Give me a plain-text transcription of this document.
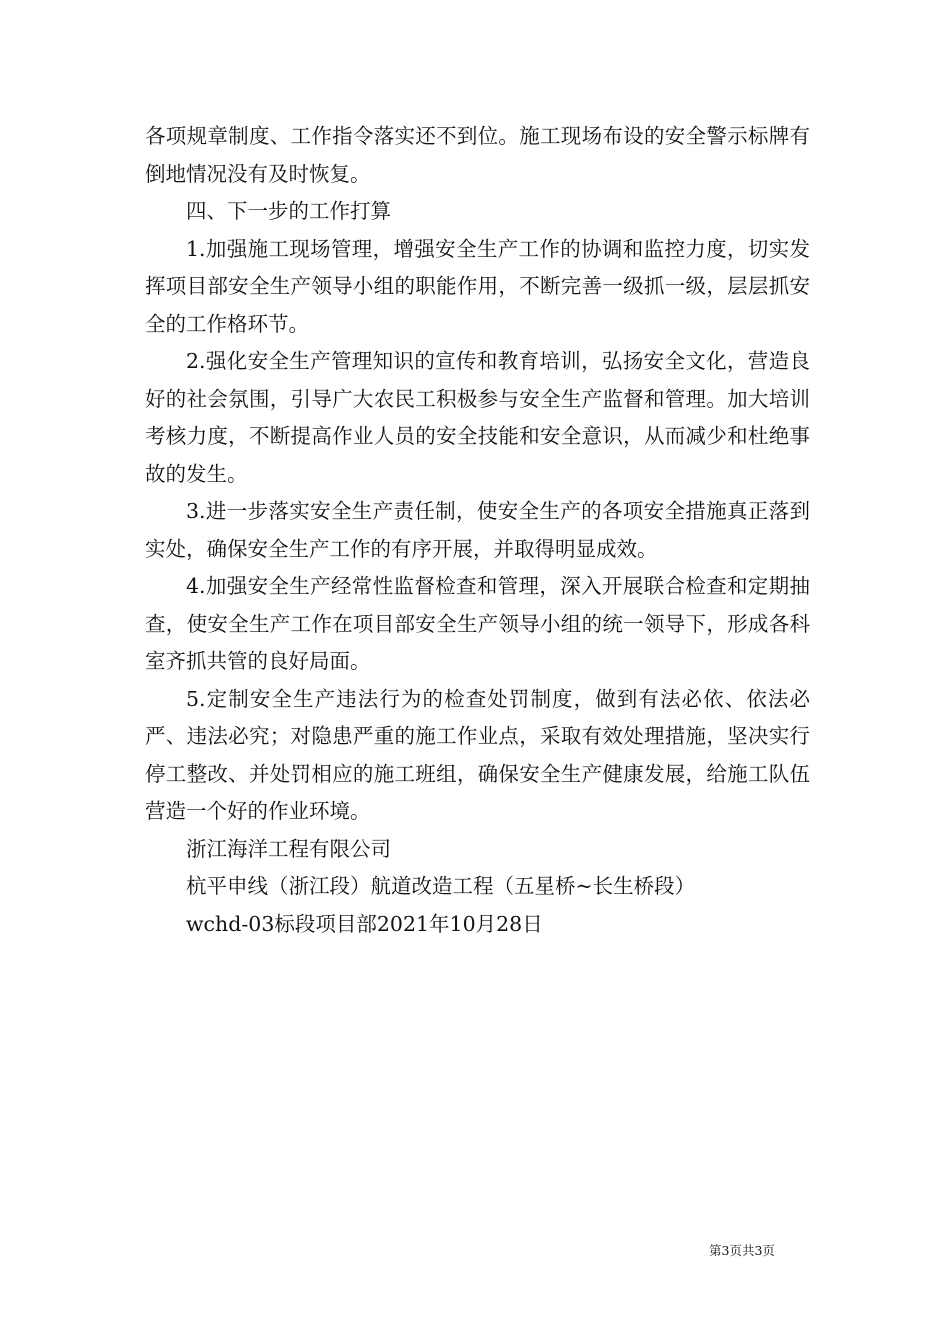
各项规章制度、工作指令落实还不到位。施工现场布设的安全警示标牌有倒地情况没有及时恢复。

四、下一步的工作打算

1.加强施工现场管理，增强安全生产工作的协调和监控力度，切实发挥项目部安全生产领导小组的职能作用，不断完善一级抓一级，层层抓安全的工作格环节。

2.强化安全生产管理知识的宣传和教育培训，弘扬安全文化，营造良好的社会氛围，引导广大农民工积极参与安全生产监督和管理。加大培训考核力度，不断提高作业人员的安全技能和安全意识，从而减少和杜绝事故的发生。

3.进一步落实安全生产责任制，使安全生产的各项安全措施真正落到实处，确保安全生产工作的有序开展，并取得明显成效。

4.加强安全生产经常性监督检查和管理，深入开展联合检查和定期抽查，使安全生产工作在项目部安全生产领导小组的统一领导下，形成各科室齐抓共管的良好局面。

5.定制安全生产违法行为的检查处罚制度，做到有法必依、依法必严、违法必究；对隐患严重的施工作业点，采取有效处理措施，坚决实行停工整改、并处罚相应的施工班组，确保安全生产健康发展，给施工队伍营造一个好的作业环境。

浙江海洋工程有限公司

杭平申线（浙江段）航道改造工程（五星桥~长生桥段）

wchd-03标段项目部2021年10月28日

第3页共3页
